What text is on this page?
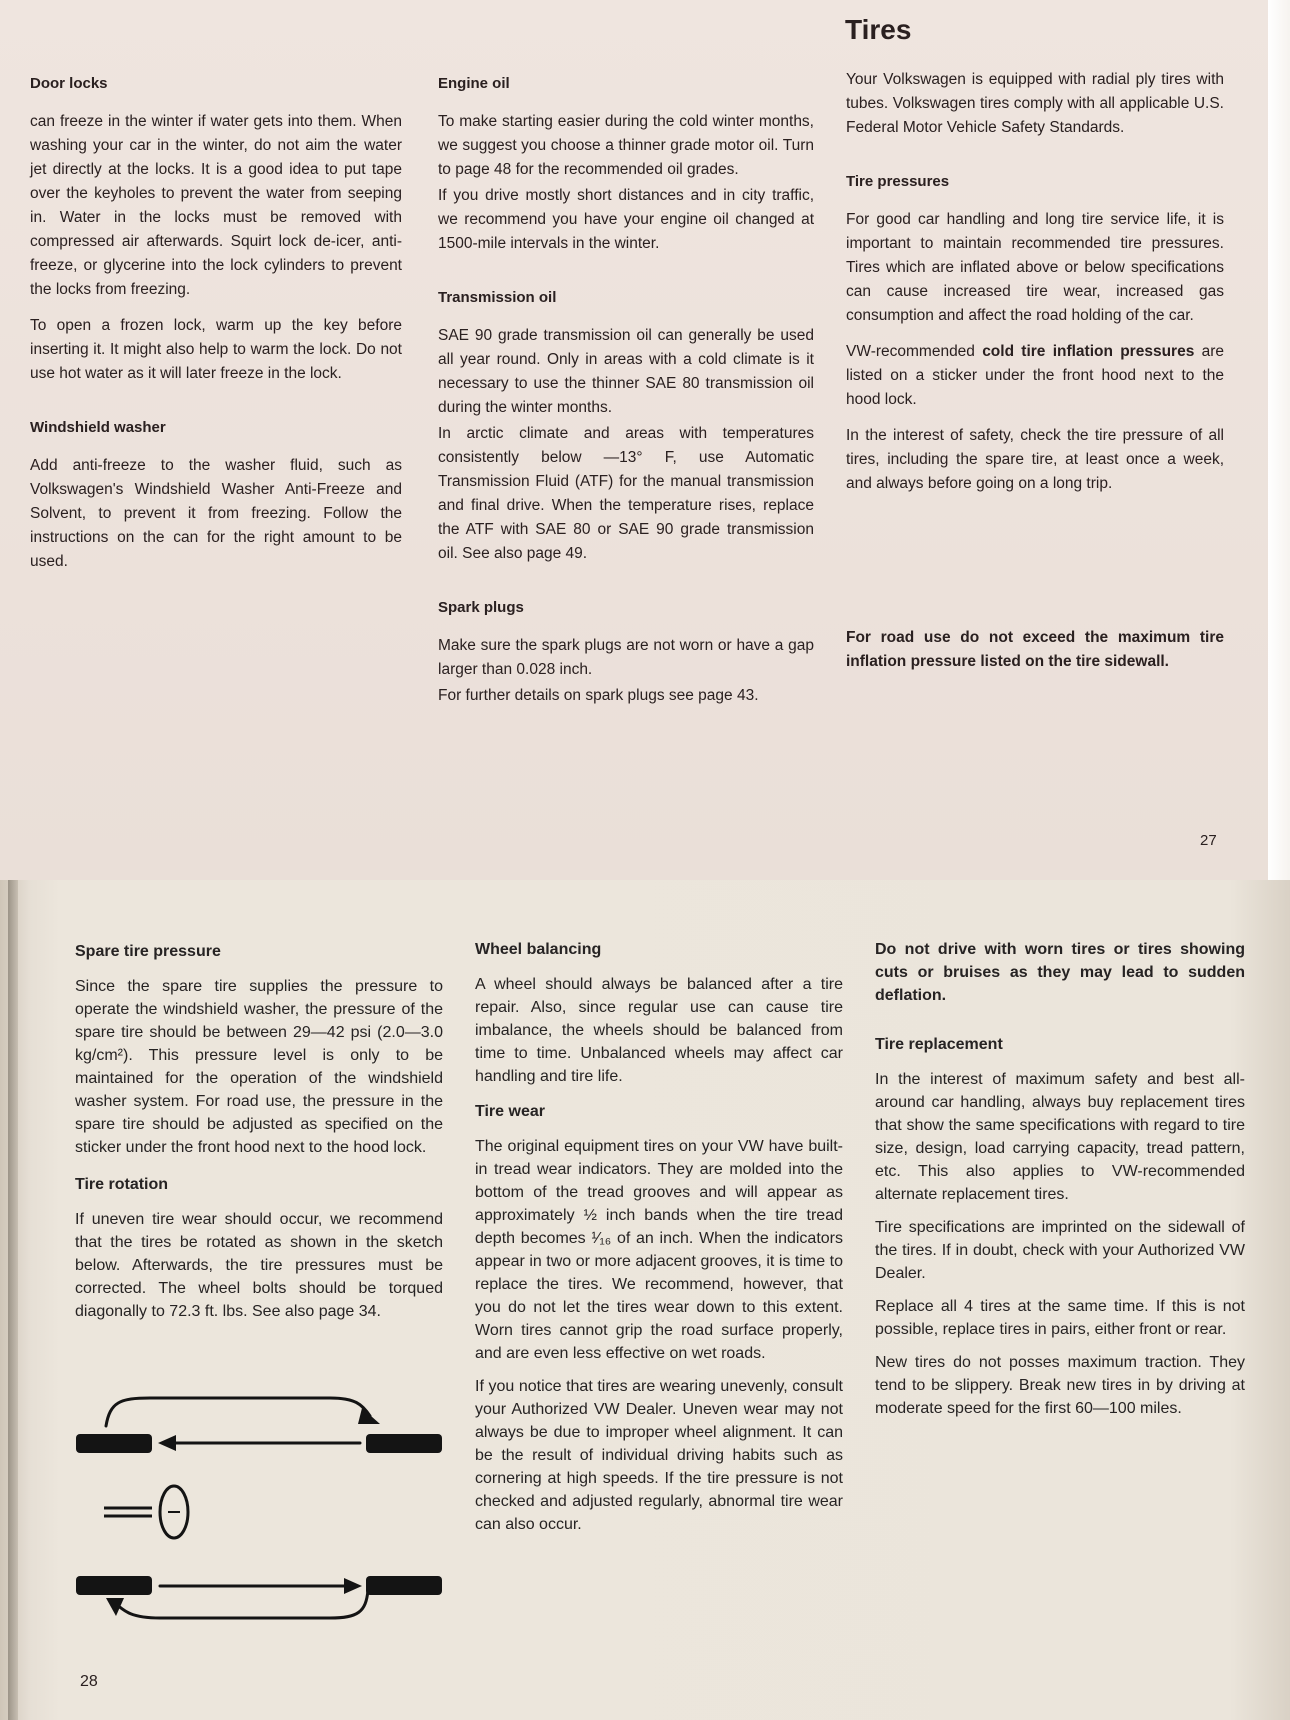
Tires
Door locks

can freeze in the winter if water gets into them. When washing your car in the winter, do not aim the water jet directly at the locks. It is a good idea to put tape over the keyholes to prevent the water from seeping in. Water in the locks must be removed with compressed air afterwards. Squirt lock de-icer, anti-freeze, or glycerine into the lock cylinders to prevent the locks from freezing.

To open a frozen lock, warm up the key before inserting it. It might also help to warm the lock. Do not use hot water as it will later freeze in the lock.

Windshield washer

Add anti-freeze to the washer fluid, such as Volkswagen's Windshield Washer Anti-Freeze and Solvent, to prevent it from freezing. Follow the instructions on the can for the right amount to be used.

Engine oil

To make starting easier during the cold winter months, we suggest you choose a thinner grade motor oil. Turn to page 48 for the recommended oil grades.

If you drive mostly short distances and in city traffic, we recommend you have your engine oil changed at 1500-mile intervals in the winter.

Transmission oil

SAE 90 grade transmission oil can generally be used all year round. Only in areas with a cold climate is it necessary to use the thinner SAE 80 transmission oil during the winter months.

In arctic climate and areas with temperatures consistently below —13° F, use Automatic Transmission Fluid (ATF) for the manual transmission and final drive. When the temperature rises, replace the ATF with SAE 80 or SAE 90 grade transmission oil. See also page 49.

Spark plugs

Make sure the spark plugs are not worn or have a gap larger than 0.028 inch.

For further details on spark plugs see page 43.

Your Volkswagen is equipped with radial ply tires with tubes. Volkswagen tires comply with all applicable U.S. Federal Motor Vehicle Safety Standards.

Tire pressures

For good car handling and long tire service life, it is important to maintain recommended tire pressures. Tires which are inflated above or below specifications can cause increased tire wear, increased gas consumption and affect the road holding of the car.

VW-recommended cold tire inflation pressures are listed on a sticker under the front hood next to the hood lock.

In the interest of safety, check the tire pressure of all tires, including the spare tire, at least once a week, and always before going on a long trip.

For road use do not exceed the maximum tire inflation pressure listed on the tire sidewall.

27
Spare tire pressure

Since the spare tire supplies the pressure to operate the windshield washer, the pressure of the spare tire should be between 29—42 psi (2.0—3.0 kg/cm²). This pressure level is only to be maintained for the operation of the windshield washer system. For road use, the pressure in the spare tire should be adjusted as specified on the sticker under the front hood next to the hood lock.

Tire rotation

If uneven tire wear should occur, we recommend that the tires be rotated as shown in the sketch below. Afterwards, the tire pressures must be corrected. The wheel bolts should be torqued diagonally to 72.3 ft. lbs. See also page 34.

Wheel balancing

A wheel should always be balanced after a tire repair. Also, since regular use can cause tire imbalance, the wheels should be balanced from time to time. Unbalanced wheels may affect car handling and tire life.

Tire wear

The original equipment tires on your VW have built-in tread wear indicators. They are molded into the bottom of the tread grooves and will appear as approximately ½ inch bands when the tire tread depth becomes ¹⁄₁₆ of an inch. When the indicators appear in two or more adjacent grooves, it is time to replace the tires. We recommend, however, that you do not let the tires wear down to this extent. Worn tires cannot grip the road surface properly, and are even less effective on wet roads.

If you notice that tires are wearing unevenly, consult your Authorized VW Dealer. Uneven wear may not always be due to improper wheel alignment. It can be the result of individual driving habits such as cornering at high speeds. If the tire pressure is not checked and adjusted regularly, abnormal tire wear can also occur.

Do not drive with worn tires or tires showing cuts or bruises as they may lead to sudden deflation.

Tire replacement

In the interest of maximum safety and best all-around car handling, always buy replacement tires that show the same specifications with regard to tire size, design, load carrying capacity, tread pattern, etc. This also applies to VW-recommended alternate replacement tires.

Tire specifications are imprinted on the sidewall of the tires. If in doubt, check with your Authorized VW Dealer.

Replace all 4 tires at the same time. If this is not possible, replace tires in pairs, either front or rear.

New tires do not posses maximum traction. They tend to be slippery. Break new tires in by driving at moderate speed for the first 60—100 miles.

28
